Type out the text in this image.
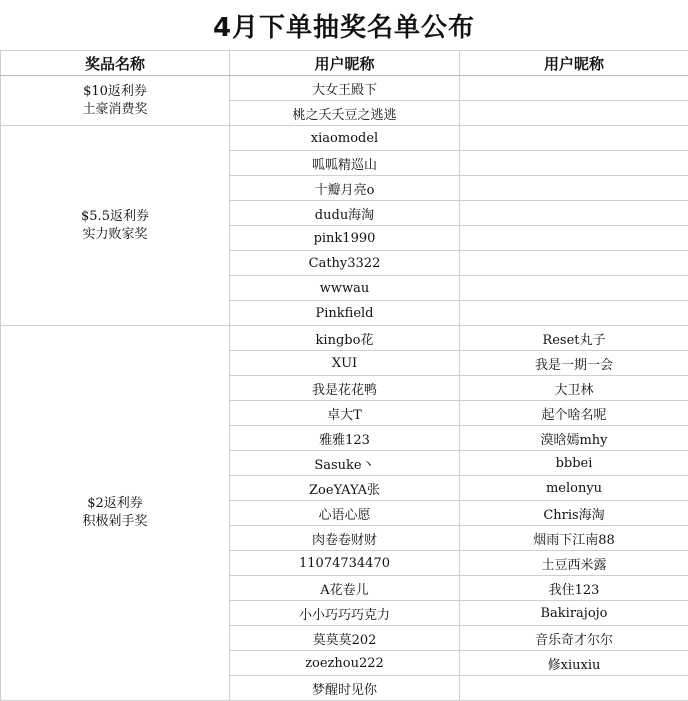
4月下单抽奖名单公布
奖品名称	用户昵称	用户昵称

$10返利券
土豪消费奖	大女王殿下	
	桃之夭夭豆之逃逃	

$5.5返利券
实力败家奖	xiaomodel	
	呱呱精巡山	
	十瓣月亮o	
	dudu海淘	
	pink1990	
	Cathy3322	
	wwwau	
	Pinkfield	

$2返利券
积极剁手奖	kingbo花	Reset丸子
	XUI	我是一期一会
	我是花花鸭	大卫林
	卓大T	起个啥名呢
	雅雅123	漠晗嫣mhy
	Sasuke丶	bbbei
	ZoeYAYA张	melonyu
	心语心愿	Chris海淘
	肉卷卷财财	烟雨下江南88
	11074734470	土豆西米露
	A花卷儿	我住123
	小小巧巧巧克力	Bakirajojo
	莫莫莫202	音乐奇才尔尔
	zoezhou222	修xiuxiu
	梦醒时见你	
